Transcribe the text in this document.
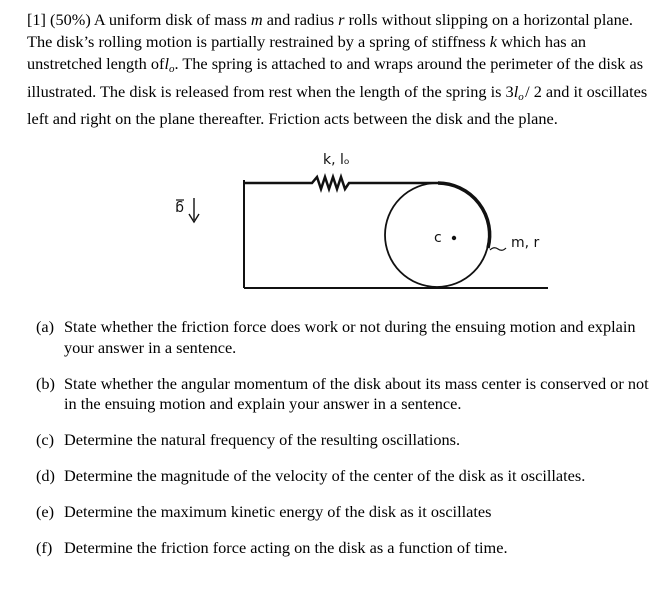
[1] (50%) A uniform disk of mass m and radius r rolls without slipping on a horizontal plane. The disk’s rolling motion is partially restrained by a spring of stiffness k which has an unstretched length ofl$_o$. The spring is attached to and wraps around the perimeter of the disk as illustrated. The disk is released from rest when the length of the spring is $3l_o$ / 2 and it oscillates left and right on the plane thereafter. Friction acts between the disk and the plane.
g
k, lₒ
c	m, r
(a) State whether the friction force does work or not during the ensuing motion and explain your answer in a sentence.
(b) State whether the angular momentum of the disk about its mass center is conserved or not in the ensuing motion and explain your answer in a sentence.
(c) Determine the natural frequency of the resulting oscillations.
(d) Determine the magnitude of the velocity of the center of the disk as it oscillates.
(e) Determine the maximum kinetic energy of the disk as it oscillates
(f) Determine the friction force acting on the disk as a function of time.
